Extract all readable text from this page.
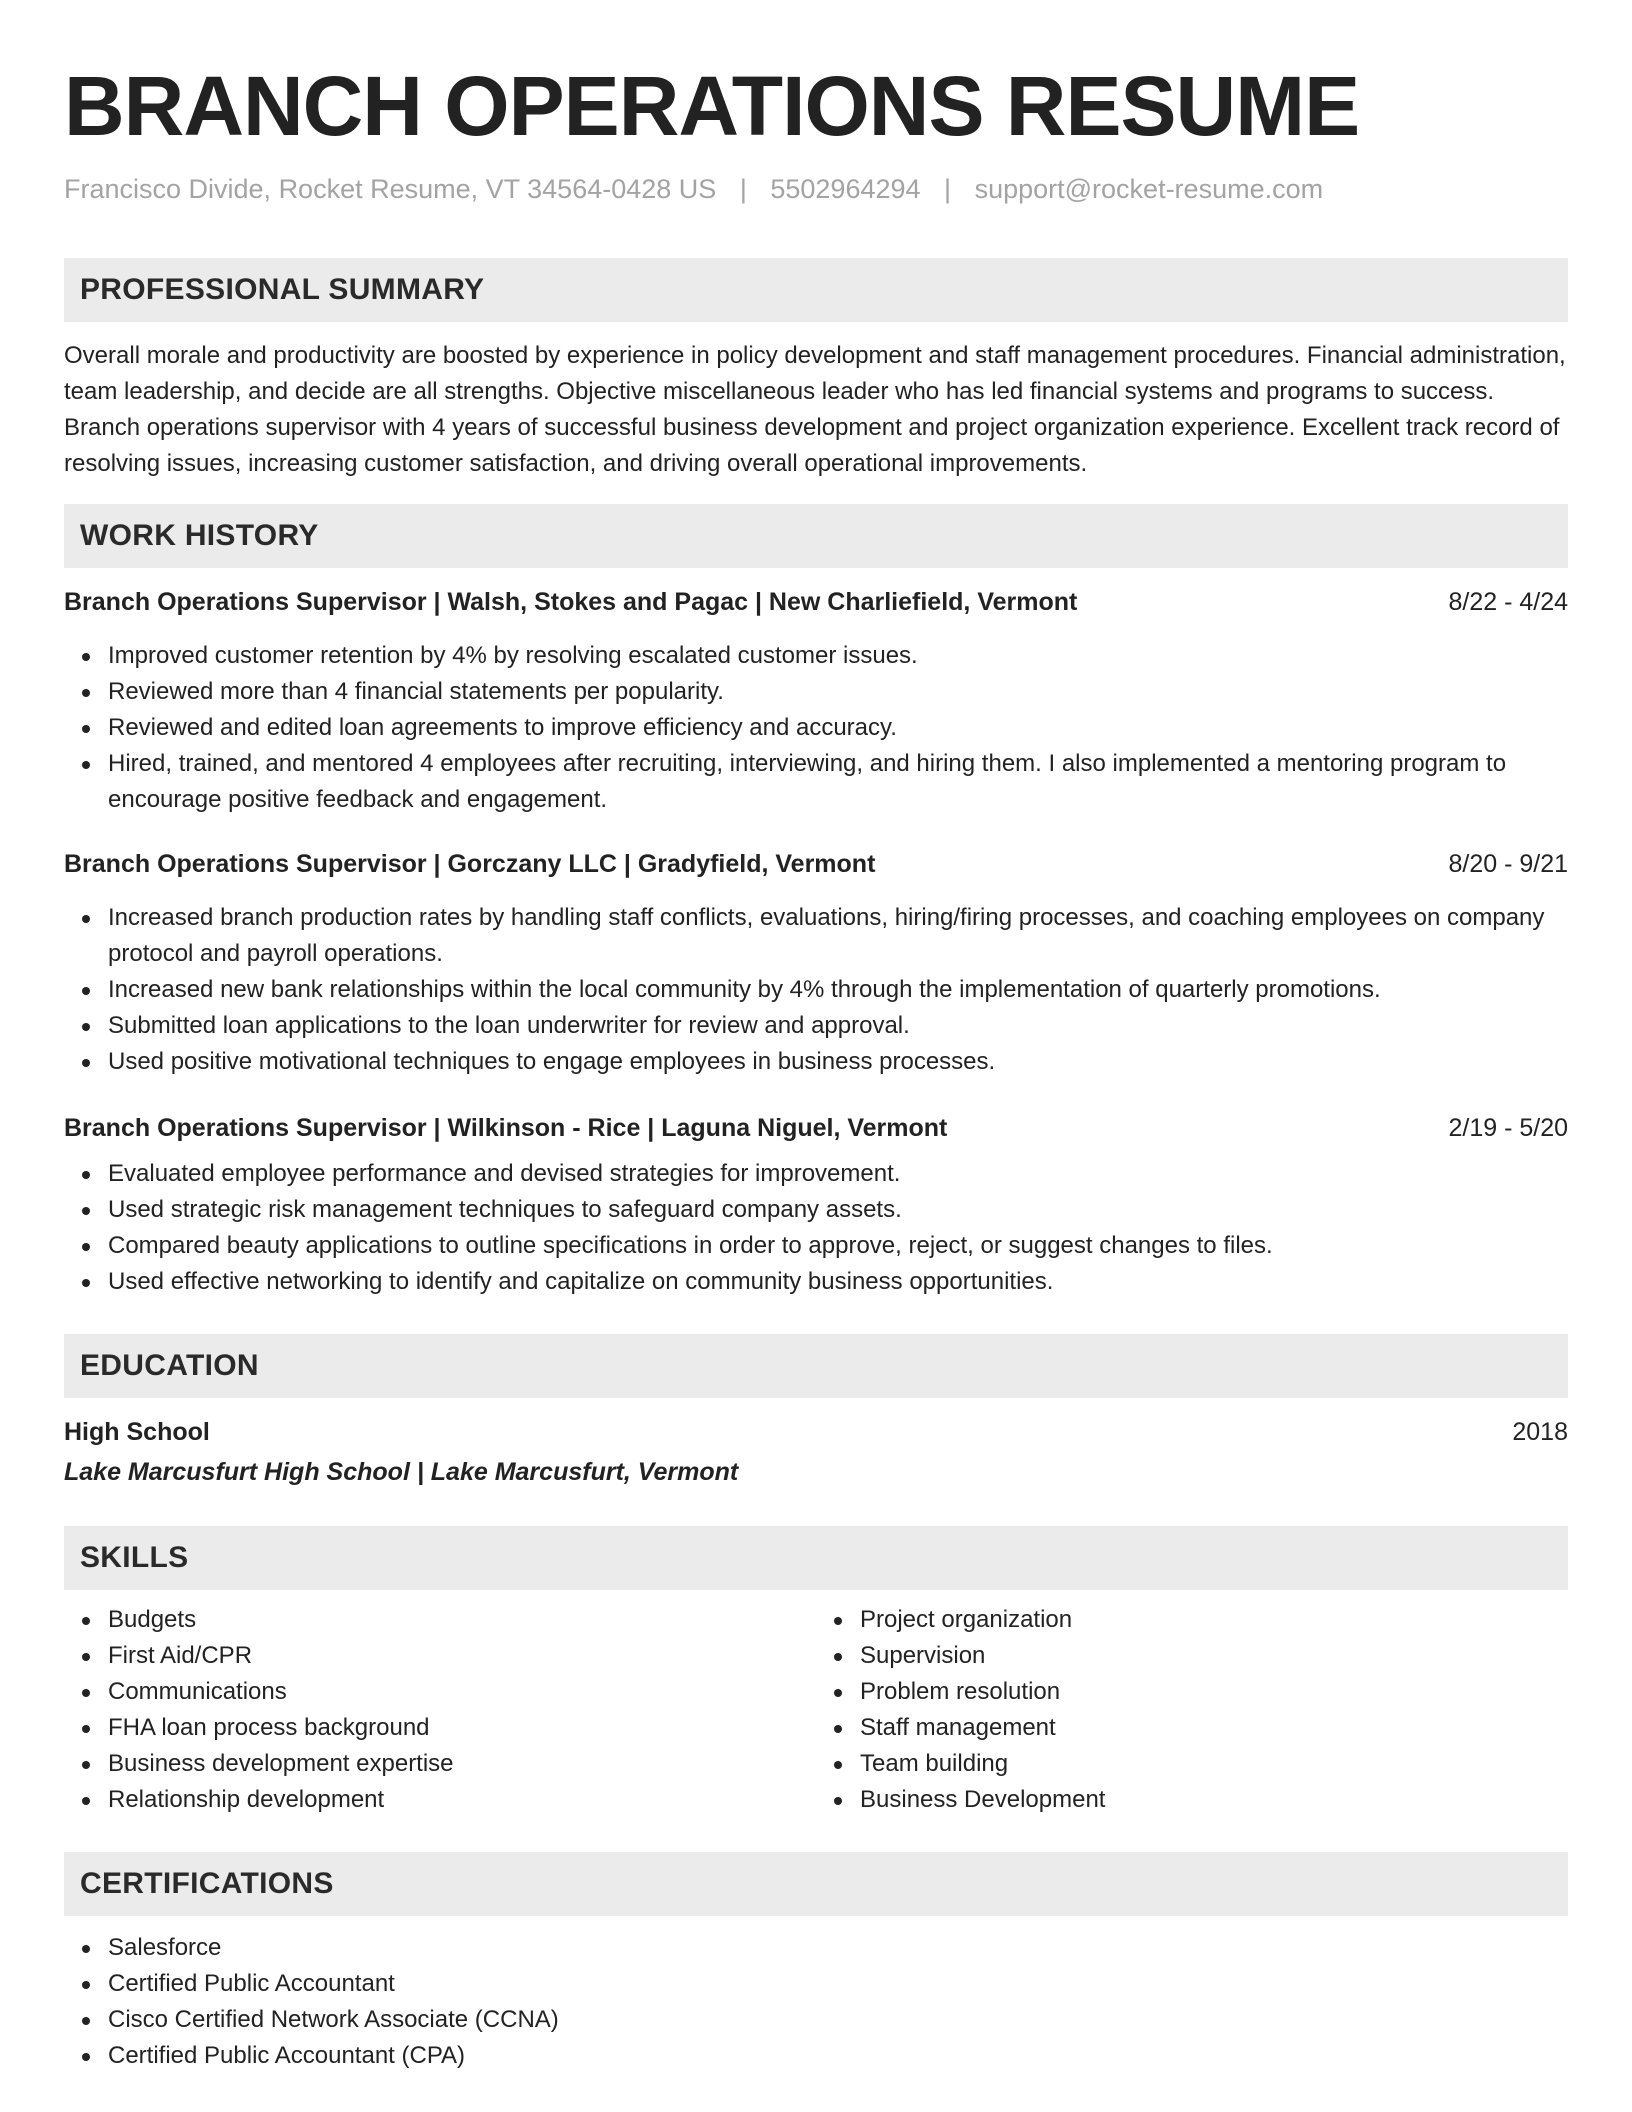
BRANCH OPERATIONS RESUME
Francisco Divide, Rocket Resume, VT 34564-0428 US | 5502964294 | support@rocket-resume.com
PROFESSIONAL SUMMARY
Overall morale and productivity are boosted by experience in policy development and staff management procedures. Financial administration, team leadership, and decide are all strengths. Objective miscellaneous leader who has led financial systems and programs to success. Branch operations supervisor with 4 years of successful business development and project organization experience. Excellent track record of resolving issues, increasing customer satisfaction, and driving overall operational improvements.
WORK HISTORY
Branch Operations Supervisor | Walsh, Stokes and Pagac | New Charliefield, Vermont	8/22 - 4/24
Improved customer retention by 4% by resolving escalated customer issues.
Reviewed more than 4 financial statements per popularity.
Reviewed and edited loan agreements to improve efficiency and accuracy.
Hired, trained, and mentored 4 employees after recruiting, interviewing, and hiring them. I also implemented a mentoring program to encourage positive feedback and engagement.
Branch Operations Supervisor | Gorczany LLC | Gradyfield, Vermont	8/20 - 9/21
Increased branch production rates by handling staff conflicts, evaluations, hiring/firing processes, and coaching employees on company protocol and payroll operations.
Increased new bank relationships within the local community by 4% through the implementation of quarterly promotions.
Submitted loan applications to the loan underwriter for review and approval.
Used positive motivational techniques to engage employees in business processes.
Branch Operations Supervisor | Wilkinson - Rice | Laguna Niguel, Vermont	2/19 - 5/20
Evaluated employee performance and devised strategies for improvement.
Used strategic risk management techniques to safeguard company assets.
Compared beauty applications to outline specifications in order to approve, reject, or suggest changes to files.
Used effective networking to identify and capitalize on community business opportunities.
EDUCATION
High School	2018
Lake Marcusfurt High School | Lake Marcusfurt, Vermont
SKILLS
Budgets
First Aid/CPR
Communications
FHA loan process background
Business development expertise
Relationship development
Project organization
Supervision
Problem resolution
Staff management
Team building
Business Development
CERTIFICATIONS
Salesforce
Certified Public Accountant
Cisco Certified Network Associate (CCNA)
Certified Public Accountant (CPA)
